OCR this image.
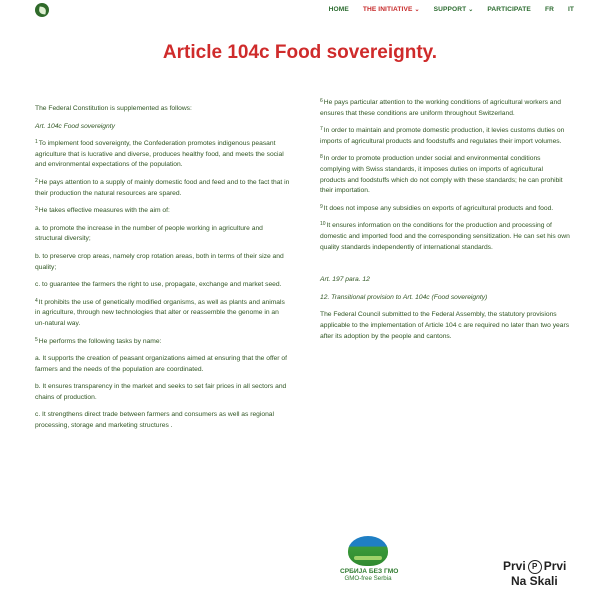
HOME THE INITIATIVE ⌄ SUPPORT ⌄ PARTICIPATE FR IT
Article 104c Food sovereignty.

The Federal Constitution is supplemented as follows:

Art. 104c Food sovereignty

$^1$To implement food sovereignty, the Confederation promotes indigenous peasant agriculture that is lucrative and diverse, produces healthy food, and meets the social and environmental expectations of the population.

$^2$He pays attention to a supply of mainly domestic food and feed and to the fact that in their production the natural resources are spared.

$^3$He takes effective measures with the aim of:

a. to promote the increase in the number of people working in agriculture and structural diversity;

b. to preserve crop areas, namely crop rotation areas, both in terms of their size and quality;

c. to guarantee the farmers the right to use, propagate, exchange and market seed.

$^4$It prohibits the use of genetically modified organisms, as well as plants and animals in agriculture, through new technologies that alter or reassemble the genome in an un-natural way.

$^5$He performs the following tasks by name:

a. It supports the creation of peasant organizations aimed at ensuring that the offer of farmers and the needs of the population are coordinated.

b. It ensures transparency in the market and seeks to set fair prices in all sectors and chains of production.

c. It strengthens direct trade between farmers and consumers as well as regional processing, storage and marketing structures .

$^6$He pays particular attention to the working conditions of agricultural workers and ensures that these conditions are uniform throughout Switzerland.

$^7$In order to maintain and promote domestic production, it levies customs duties on imports of agricultural products and foodstuffs and regulates their import volumes.

$^8$In order to promote production under social and environmental conditions complying with Swiss standards, it imposes duties on imports of agricultural products and foodstuffs which do not comply with these standards; he can prohibit their importation.

$^9$It does not impose any subsidies on exports of agricultural products and food.

$^{10}$It ensures information on the conditions for the production and processing of domestic and imported food and the corresponding sensitization. He can set his own quality standards independently of international standards.

Art. 197 para. 12

12. Transitional provision to Art. 104c (Food sovereignty)

The Federal Council submitted to the Federal Assembly, the statutory provisions applicable to the implementation of Article 104 c are required no later than two years after its adoption by the people and cantons.

СРБИЈА БЕЗ ГМО
GMO-free Serbia
Prvi P Prvi
Na Skali
